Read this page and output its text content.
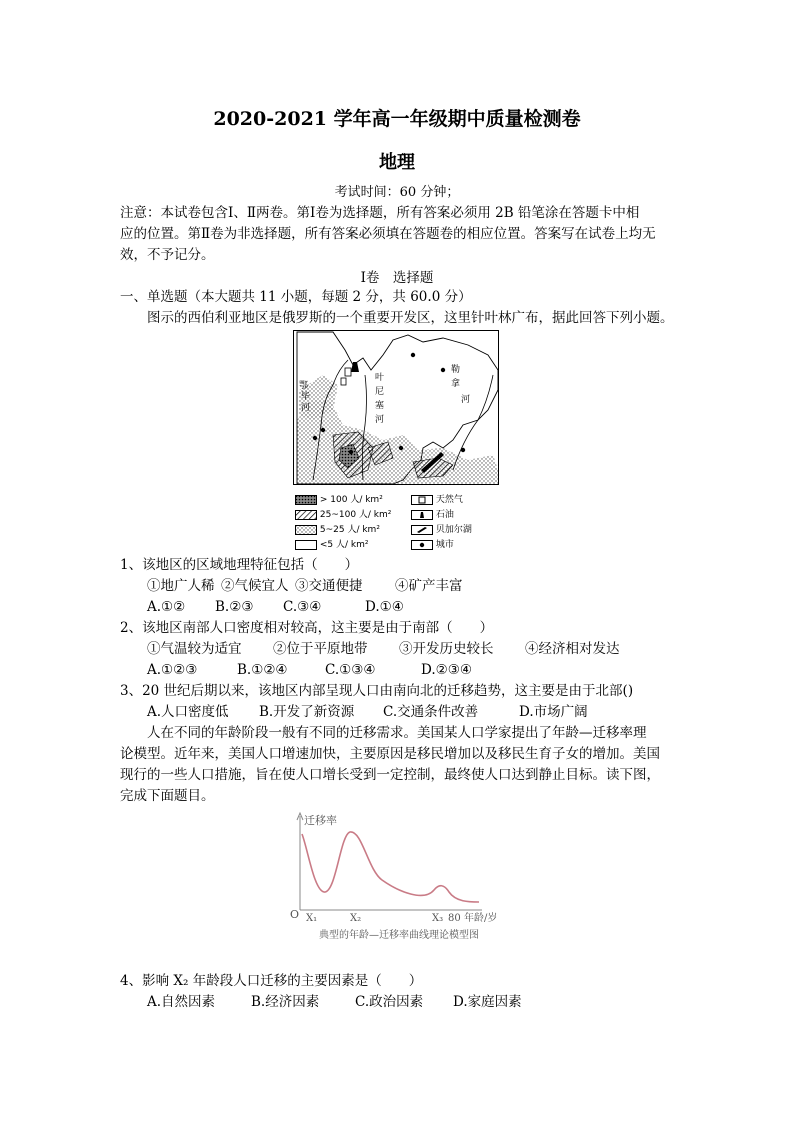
2020-2021 学年高一年级期中质量检测卷
地理
考试时间：60 分钟；
注意：本试卷包含Ⅰ、Ⅱ两卷。第Ⅰ卷为选择题，所有答案必须用 2B 铅笔涂在答题卡中相
应的位置。第Ⅱ卷为非选择题，所有答案必须填在答题卷的相应位置。答案写在试卷上均无
效，不予记分。
Ⅰ卷　选择题
一、单选题（本大题共 11 小题，每题 2 分，共 60.0 分）
图示的西伯利亚地区是俄罗斯的一个重要开发区，这里针叶林广布，据此回答下列小题。
鄂
毕
河
叶
尼
塞
河
勒
拿
河
> 100 人/ km²
25~100 人/ km²
5~25 人/ km²
<5 人/ km²
天然气
石油
贝加尔湖
城市
1、该地区的区域地理特征包括（　　）
①地广人稀 ②气候宜人 ③交通便捷 ④矿产丰富
A.①② B.②③ C.③④	D.①④
2、该地区南部人口密度相对较高，这主要是由于南部（　　）
①气温较为适宜 ②位于平原地带 ③开发历史较长 ④经济相对发达
A.①②③	B.①②④	C.①③④	D.②③④
3、20 世纪后期以来，该地区内部呈现人口由南向北的迁移趋势，这主要是由于北部()
A.人口密度低 B.开发了新资源 C.交通条件改善	D.市场广阔
人在不同的年龄阶段一般有不同的迁移需求。美国某人口学家提出了年龄—迁移率理
论模型。近年来，美国人口增速加快，主要原因是移民增加以及移民生育子女的增加。美国
现行的一些人口措施，旨在使人口增长受到一定控制，最终使人口达到静止目标。读下图，
完成下面题目。
迁移率
O X₁	X₂	X₃ 80 年龄/岁
典型的年龄—迁移率曲线理论模型图
4、影响 X₂ 年龄段人口迁移的主要因素是（　　）
A.自然因素	B.经济因素	C.政治因素 D.家庭因素
